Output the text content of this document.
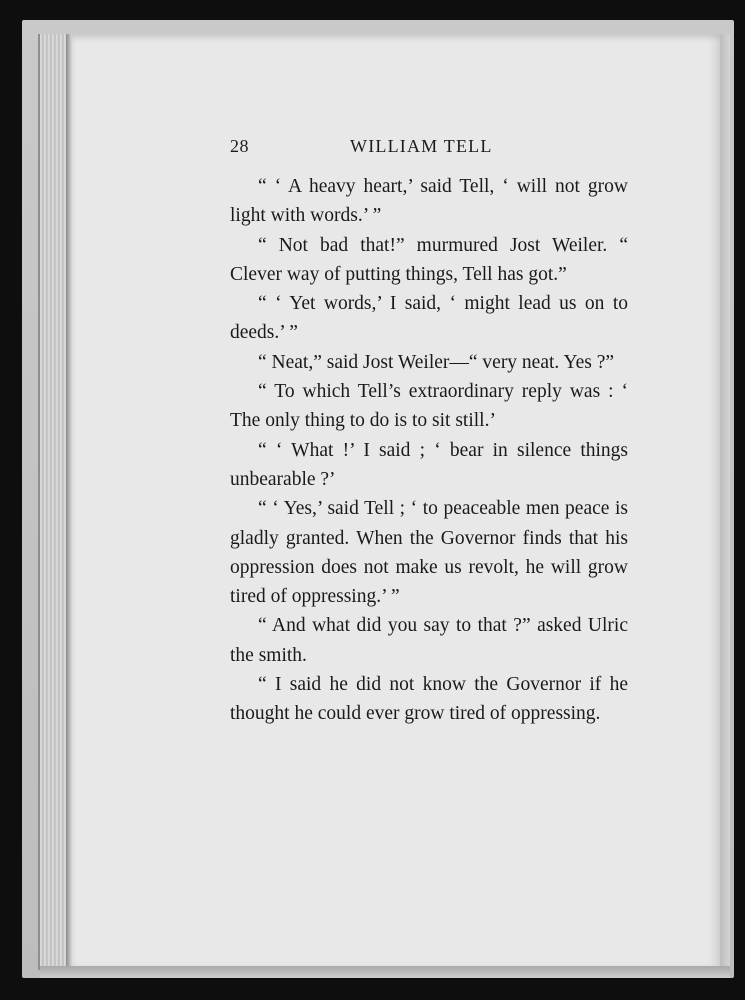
28	WILLIAM TELL

“ ‘ A heavy heart,’ said Tell, ‘ will not grow light with words.’ ”

“ Not bad that!” murmured Jost Weiler. “ Clever way of putting things, Tell has got.”

“ ‘ Yet words,’ I said, ‘ might lead us on to deeds.’ ”

“ Neat,” said Jost Weiler—“ very neat. Yes ?”

“ To which Tell’s extraordinary reply was : ‘ The only thing to do is to sit still.’

“ ‘ What !’ I said ; ‘ bear in silence things unbearable ?’

“ ‘ Yes,’ said Tell ; ‘ to peaceable men peace is gladly granted. When the Governor finds that his oppression does not make us revolt, he will grow tired of oppressing.’ ”

“ And what did you say to that ?” asked Ulric the smith.

“ I said he did not know the Governor if he thought he could ever grow tired of oppressing.
